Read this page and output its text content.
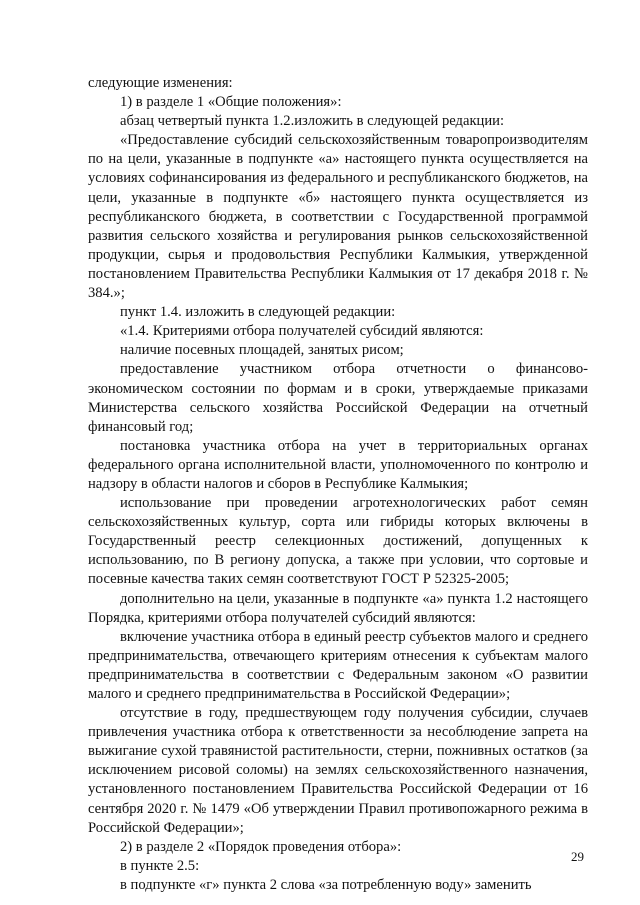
следующие изменения:

1) в разделе 1 «Общие положения»:

абзац четвертый пункта 1.2.изложить в следующей редакции:

«Предоставление субсидий сельскохозяйственным товаропроизводителям по на цели, указанные в подпункте «а» настоящего пункта осуществляется на условиях софинансирования из федерального и республиканского бюджетов, на цели, указанные в подпункте «б» настоящего пункта осуществляется из республиканского бюджета, в соответствии с Государственной программой развития сельского хозяйства и регулирования рынков сельскохозяйственной продукции, сырья и продовольствия Республики Калмыкия, утвержденной постановлением Правительства Республики Калмыкия от 17 декабря 2018 г. № 384.»;

пункт 1.4. изложить в следующей редакции:

«1.4. Критериями отбора получателей субсидий являются:

наличие посевных площадей, занятых рисом;

предоставление участником отбора отчетности о финансово-экономическом состоянии по формам и в сроки, утверждаемые приказами Министерства сельского хозяйства Российской Федерации на отчетный финансовый год;

постановка участника отбора на учет в территориальных органах федерального органа исполнительной власти, уполномоченного по контролю и надзору в области налогов и сборов в Республике Калмыкия;

использование при проведении агротехнологических работ семян сельскохозяйственных культур, сорта или гибриды которых включены в Государственный реестр селекционных достижений, допущенных к использованию, по В региону допуска, а также при условии, что сортовые и посевные качества таких семян соответствуют ГОСТ Р 52325-2005;

дополнительно на цели, указанные в подпункте «а» пункта 1.2 настоящего Порядка, критериями отбора получателей субсидий являются:

включение участника отбора в единый реестр субъектов малого и среднего предпринимательства, отвечающего критериям отнесения к субъектам малого предпринимательства в соответствии с Федеральным законом «О развитии малого и среднего предпринимательства в Российской Федерации»;

отсутствие в году, предшествующем году получения субсидии, случаев привлечения участника отбора к ответственности за несоблюдение запрета на выжигание сухой травянистой растительности, стерни, пожнивных остатков (за исключением рисовой соломы) на землях сельскохозяйственного назначения, установленного постановлением Правительства Российской Федерации от 16 сентября 2020 г. № 1479 «Об утверждении Правил противопожарного режима в Российской Федерации»;

2) в разделе 2 «Порядок проведения отбора»:

в пункте 2.5:

в подпункте «г» пункта 2 слова «за потребленную воду» заменить

29
